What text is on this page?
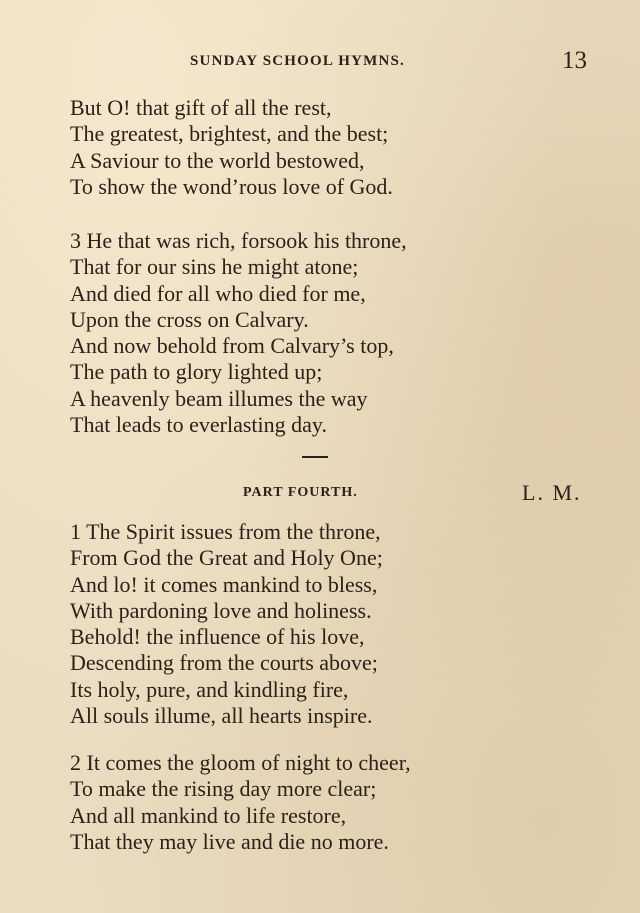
SUNDAY SCHOOL HYMNS.	13
But O! that gift of all the rest,
The greatest, brightest, and the best;
A Saviour to the world bestowed,
To show the wond’rous love of God.
3 He that was rich, forsook his throne,
That for our sins he might atone;
And died for all who died for me,
Upon the cross on Calvary.
And now behold from Calvary’s top,
The path to glory lighted up;
A heavenly beam illumes the way
That leads to everlasting day.
PART FOURTH.	L. M.
1 The Spirit issues from the throne,
From God the Great and Holy One;
And lo! it comes mankind to bless,
With pardoning love and holiness.
Behold! the influence of his love,
Descending from the courts above;
Its holy, pure, and kindling fire,
All souls illume, all hearts inspire.
2 It comes the gloom of night to cheer,
To make the rising day more clear;
And all mankind to life restore,
That they may live and die no more.
